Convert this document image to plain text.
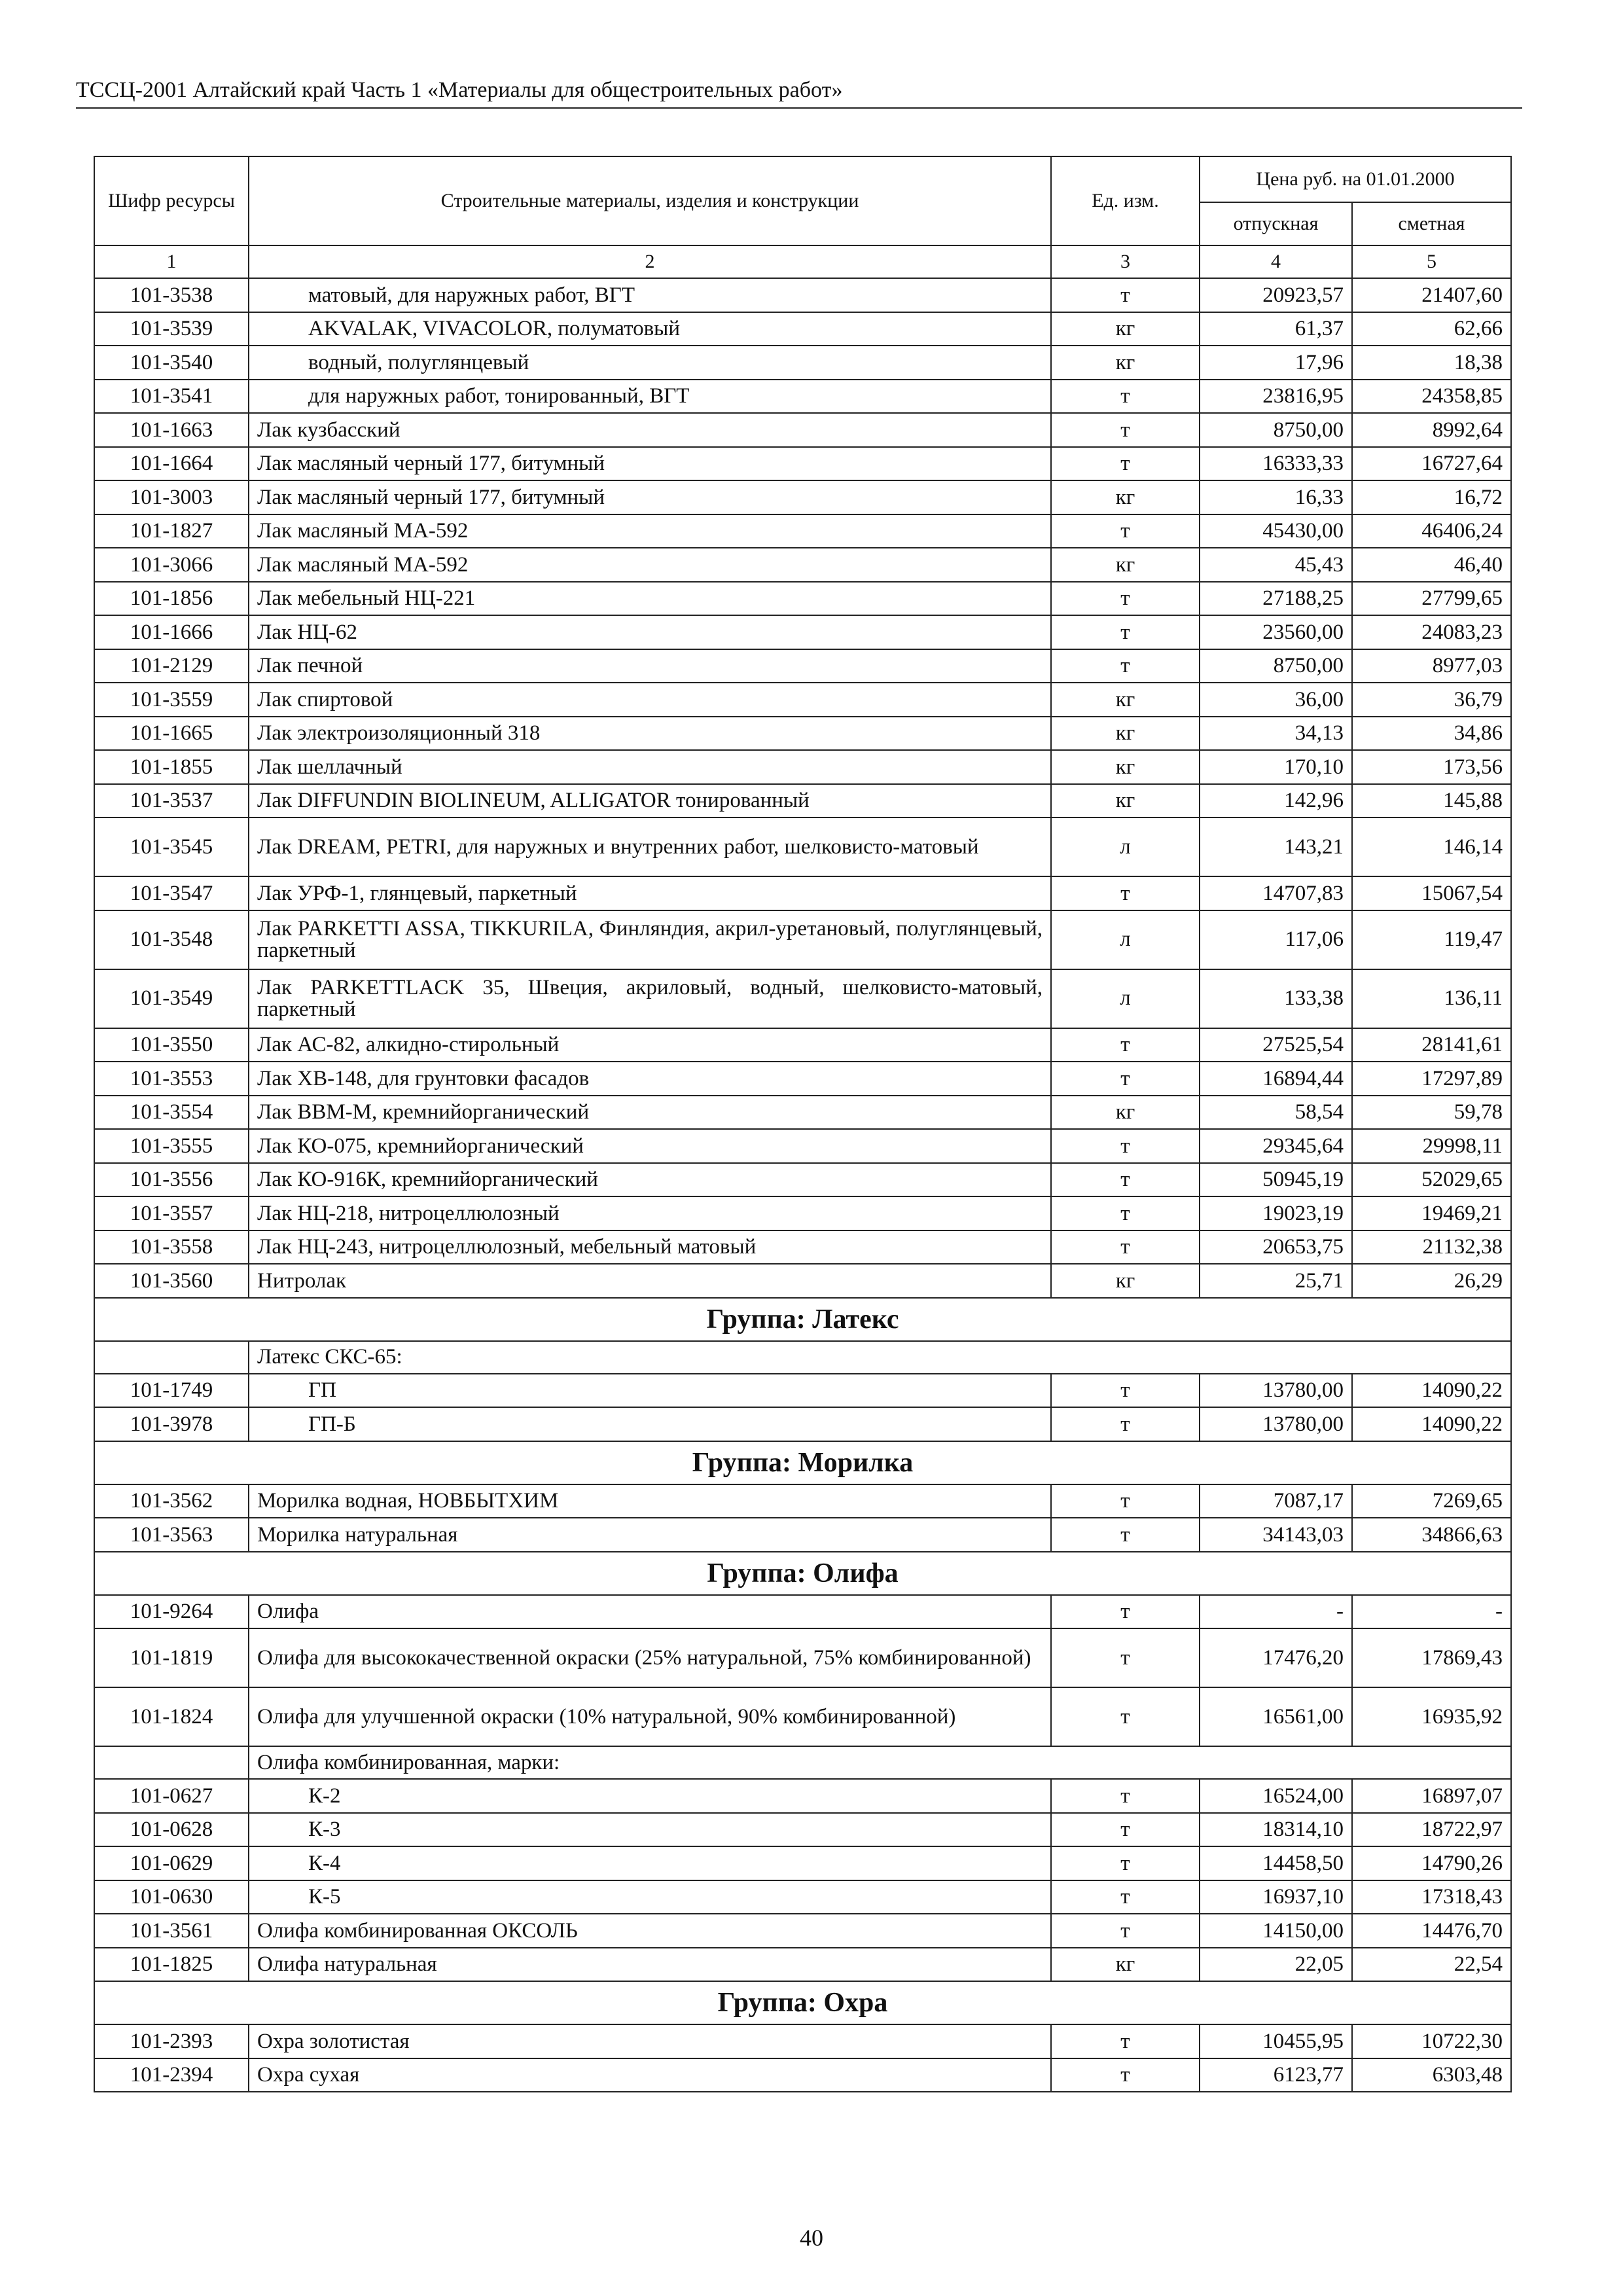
ТССЦ-2001 Алтайский край Часть 1 «Материалы для общестроительных работ»
Шифр ресурсы	Строительные материалы, изделия и конструкции	Ед. изм.	Цена руб. на 01.01.2000	
			отпускная	сметная
1	2	3	4	5
101-3538	матовый, для наружных работ, ВГТ	т	20923,57	21407,60
101-3539	AKVALAK, VIVACOLOR, полуматовый	кг	61,37	62,66
101-3540	водный, полуглянцевый	кг	17,96	18,38
101-3541	для наружных работ, тонированный, ВГТ	т	23816,95	24358,85
101-1663	Лак кузбасский	т	8750,00	8992,64
101-1664	Лак масляный черный 177, битумный	т	16333,33	16727,64
101-3003	Лак масляный черный 177, битумный	кг	16,33	16,72
101-1827	Лак масляный МА-592	т	45430,00	46406,24
101-3066	Лак масляный МА-592	кг	45,43	46,40
101-1856	Лак мебельный НЦ-221	т	27188,25	27799,65
101-1666	Лак НЦ-62	т	23560,00	24083,23
101-2129	Лак печной	т	8750,00	8977,03
101-3559	Лак спиртовой	кг	36,00	36,79
101-1665	Лак электроизоляционный 318	кг	34,13	34,86
101-1855	Лак шеллачный	кг	170,10	173,56
101-3537	Лак DIFFUNDIN BIOLINEUM, ALLIGATOR тонированный	кг	142,96	145,88
101-3545	Лак DREAM, PETRI, для наружных и внутренних работ, шелковисто-матовый	л	143,21	146,14
101-3547	Лак УРФ-1, глянцевый, паркетный	т	14707,83	15067,54
101-3548	Лак PARKETTI ASSA, TIKKURILA, Финляндия, акрил-уретановый, полуглянцевый, паркетный	л	117,06	119,47
101-3549	Лак PARKETTLACK 35, Швеция, акриловый, водный, шелковисто-матовый, паркетный	л	133,38	136,11
101-3550	Лак АС-82, алкидно-стирольный	т	27525,54	28141,61
101-3553	Лак ХВ-148, для грунтовки фасадов	т	16894,44	17297,89
101-3554	Лак ВВМ-М, кремнийорганический	кг	58,54	59,78
101-3555	Лак КО-075, кремнийорганический	т	29345,64	29998,11
101-3556	Лак КО-916К, кремнийорганический	т	50945,19	52029,65
101-3557	Лак НЦ-218, нитроцеллюлозный	т	19023,19	19469,21
101-3558	Лак НЦ-243, нитроцеллюлозный, мебельный матовый	т	20653,75	21132,38
101-3560	Нитролак	кг	25,71	26,29
Группа: Латекс				
	Латекс СКС-65:			
101-1749	ГП	т	13780,00	14090,22
101-3978	ГП-Б	т	13780,00	14090,22
Группа: Морилка				
101-3562	Морилка водная, НОВБЫТХИМ	т	7087,17	7269,65
101-3563	Морилка натуральная	т	34143,03	34866,63
Группа: Олифа				
101-9264	Олифа	т	-	-
101-1819	Олифа для высококачественной окраски (25% натуральной, 75% комбинированной)	т	17476,20	17869,43
101-1824	Олифа для улучшенной окраски (10% натуральной, 90% комбинированной)	т	16561,00	16935,92
	Олифа комбинированная, марки:			
101-0627	К-2	т	16524,00	16897,07
101-0628	К-3	т	18314,10	18722,97
101-0629	К-4	т	14458,50	14790,26
101-0630	К-5	т	16937,10	17318,43
101-3561	Олифа комбинированная ОКСОЛЬ	т	14150,00	14476,70
101-1825	Олифа натуральная	кг	22,05	22,54
Группа: Охра				
101-2393	Охра золотистая	т	10455,95	10722,30
101-2394	Охра сухая	т	6123,77	6303,48
40
